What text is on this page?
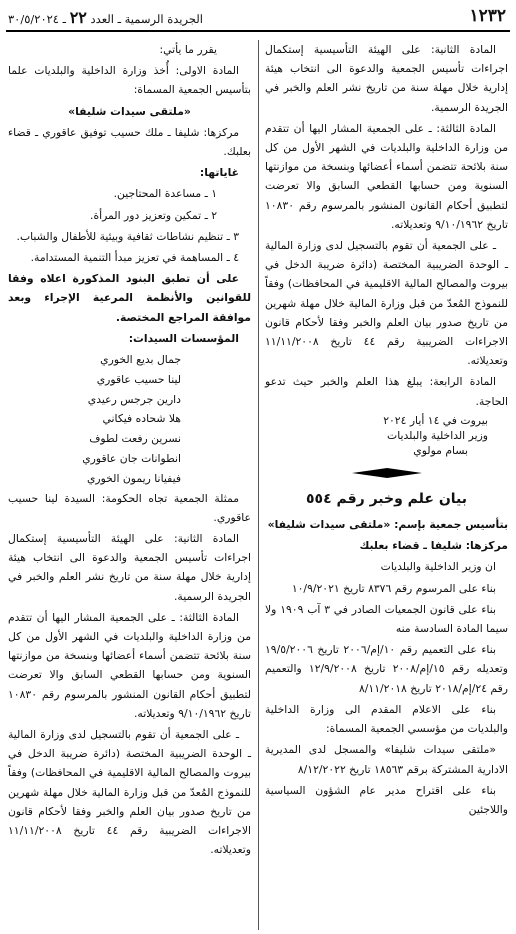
١٢٣٢
الجريدة الرسمية ـ العدد ٢٢ ـ ٣٠/٥/٢٠٢٤

المادة الثانية: على الهيئة التأسيسية إستكمال اجراءات تأسيس الجمعية والدعوة الى انتخاب هيئة إدارية خلال مهلة سنة من تاريخ نشر العلم والخبر في الجريدة الرسمية.

المادة الثالثة: ـ على الجمعية المشار اليها أن تتقدم من وزارة الداخلية والبلديات في الشهر الأول من كل سنة بلائحة تتضمن أسماء أعضائها وبنسخة من موازنتها السنوية ومن حسابها القطعي السابق والا تعرضت لتطبيق أحكام القانون المنشور بالمرسوم رقم ١٠٨٣٠ تاريخ ٩/١٠/١٩٦٢ وتعديلاته.

ـ على الجمعية أن تقوم بالتسجيل لدى وزارة المالية ـ الوحدة الضريبية المختصة (دائرة ضريبة الدخل في بيروت والمصالح المالية الاقليمية في المحافظات) وفقاً للنموذج المُعدّ من قبل وزارة المالية خلال مهلة شهرين من تاريخ صدور بيان العلم والخبر وفقا لأحكام قانون الاجراءات الضريبية رقم ٤٤ تاريخ ١١/١١/٢٠٠٨ وتعديلاته.

المادة الرابعة: يبلغ هذا العلم والخبر حيث تدعو الحاجة.

بيروت في ١٤ أيار ٢٠٢٤

وزير الداخلية والبلديات

بسام مولوي

بيان علم وخبر رقم ٥٥٤

بتأسيس جمعية بإسم: «ملتقى سيدات شليفا»

مركزها: شليفا ـ قضاء بعلبك

ان وزير الداخلية والبلديات

بناء على المرسوم رقم ٨٣٧٦ تاريخ ١٠/٩/٢٠٢١

بناء على قانون الجمعيات الصادر في ٣ آب ١٩٠٩ ولا سيما المادة السادسة منه

بناء على التعميم رقم ١٠/إم/٢٠٠٦ تاريخ ١٩/٥/٢٠٠٦ وتعديله رقم ١٥/إم/٢٠٠٨ تاريخ ١٢/٩/٢٠٠٨ والتعميم رقم ٢٤/إم/٢٠١٨ تاريخ ٨/١١/٢٠١٨

بناء على الاعلام المقدم الى وزارة الداخلية والبلديات من مؤسسي الجمعية المسماة:

«ملتقى سيدات شليفا» والمسجل لدى المديرية الادارية المشتركة برقم ١٨٥٦٣ تاريخ ٨/١٢/٢٠٢٢

بناء على اقتراح مدير عام الشؤون السياسية واللاجئين

يقرر ما يأتي:

المادة الاولى: أُخذ وزارة الداخلية والبلديات علما بتأسيس الجمعية المسماة:

«ملتقى سيدات شليفا»

مركزها: شليفا ـ ملك حسيب توفيق عاقوري ـ قضاء بعلبك.

غاياتها:

١ ـ مساعدة المحتاجين.

٢ ـ تمكين وتعزيز دور المرأة.

٣ ـ تنظيم نشاطات ثقافية وبيئية للأطفال والشباب.

٤ ـ المساهمة في تعزيز مبدأ التنمية المستدامة.

على أن تطبق البنود المذكورة اعلاه وفقا للقوانين والأنظمة المرعية الإجراء وبعد موافقة المراجع المختصة.

المؤسسات السيدات:

جمال بديع الخوري

لينا حسيب عاقوري

دارين جرجس رعيدي

هلا شحاده فيكاني

نسرين رفعت لطوف

انطوانات جان عاقوري

فيفيانا ريمون الخوري

ممثلة الجمعية تجاه الحكومة: السيدة لينا حسيب عاقوري.

المادة الثانية: على الهيئة التأسيسية إستكمال اجراءات تأسيس الجمعية والدعوة الى انتخاب هيئة إدارية خلال مهلة سنة من تاريخ نشر العلم والخبر في الجريدة الرسمية.

المادة الثالثة: ـ على الجمعية المشار اليها أن تتقدم من وزارة الداخلية والبلديات في الشهر الأول من كل سنة بلائحة تتضمن أسماء أعضائها وبنسخة من موازنتها السنوية ومن حسابها القطعي السابق والا تعرضت لتطبيق أحكام القانون المنشور بالمرسوم رقم ١٠٨٣٠ تاريخ ٩/١٠/١٩٦٢ وتعديلاته.

ـ على الجمعية أن تقوم بالتسجيل لدى وزارة المالية ـ الوحدة الضريبية المختصة (دائرة ضريبة الدخل في بيروت والمصالح المالية الاقليمية في المحافظات) وفقاً للنموذج المُعدّ من قبل وزارة المالية خلال مهلة شهرين من تاريخ صدور بيان العلم والخبر وفقا لأحكام قانون الاجراءات الضريبية رقم ٤٤ تاريخ ١١/١١/٢٠٠٨ وتعديلاته.
